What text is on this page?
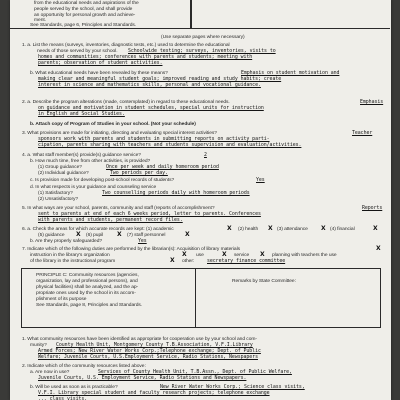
from the educational needs and aspirations of the
people served by the school, and shall provide
an opportunity for personal growth and achieve-
ment.
See Standards, page 6, Principles and Standards.
(Use separate pages where necessary)
1. a. List the means (surveys, inventories, diagnostic tests, etc.) used to determine the educational
needs of those served by your school. Schoolwide testing; surveys, inventories, visits to
homes and communities; conferences with parents and students; meeting with
parents; observation of student activities.
b. What educational needs have been revealed by these means?	Emphasis on student motivation and
making clear and meaningful student goals; improved reading and study habits; create
interest in science and mathematics skills, personal and vocational guidance.
2. a. Describe the program alterations (made, contemplated) in regard to these educational needs.	Emphasis
on guidance and motivation in student schedules, special units for instruction
in English and Social Studies.
b. Attach copy of Program of Studies in your school. (Not your schedule)
3. What provisions are made for initiating, directing and evaluating special interest activities?	Teacher
sponsors work with parents and students in submitting reports on activity parti-
cipation, parents sharing with teachers and students supervision and evaluation/activities.
4. a. What staff member(s) provide(s) guidance service?	2
b. How much time, free from other activities, is provided?
(1) Group guidance?	Once per week and daily homeroom period
(2) Individual guidance?	Two periods per day.
c. Is provision made for developing post-school records of students?	Yes
d. In what respects is your guidance and counseling service
(1) Satisfactory?	Two counselling periods daily with homeroom periods
(2) Unsatisfactory?
5. In what ways are your school, parents, community and staff (reports of accomplishment?	Reports
sent to parents at end of each 6 weeks period, letter to parents. Conferences
with parents and students, permanent record files.
6. a. Check the areas for which accurate records are kept: (1) academic	X (2) health X (3) attendance X (4) financial	X
(5) guidance X (6) pupil X (7) staff personnel	X
b. Are they properly safeguarded?	Yes
7. Indicate which of the following duties are performed by the librarian(s): Acquisition of library materials	X
instruction in the library's organization	X use	X service X planning with teachers the use
of the library in the instructional program	X other:	secretary finance committee
PRINCIPLE C: Community resources (agencies,
organization, lay and professional persons), and
physical facilities) shall be analyzed, and the ap-
propriate ones used by the school in its accom-
plishment of its purpose
See Standards, page 8, Principles and Standards.
Remarks by State Committee:
1. What community resources have been identified as appropriate for cooperation use by your school and com-
munity? County Health Unit, Montgomery County T.B.Association, V.F.I.Library
Armed Forces; New River Water Works Corp.;Telephone exchange; Dept. of Public
Welfare; Juvenile Courts, U.S.Employment Service, Radio Stations, Newspapers
2. Indicate which of the community resources listed above:
a. Are now in use?	Services of County Health Unit, T.B.Assn., Dept. of Public Welfare,
Juvenile Courts, U.S. Employment Service, Radio Stations and Newspapers.
b. Will be used as soon as is practicable?	New River Water Works Corp.; Science class visits,
V.F.I. Library special student and faculty research projects; telephone exchange
... class visits.
